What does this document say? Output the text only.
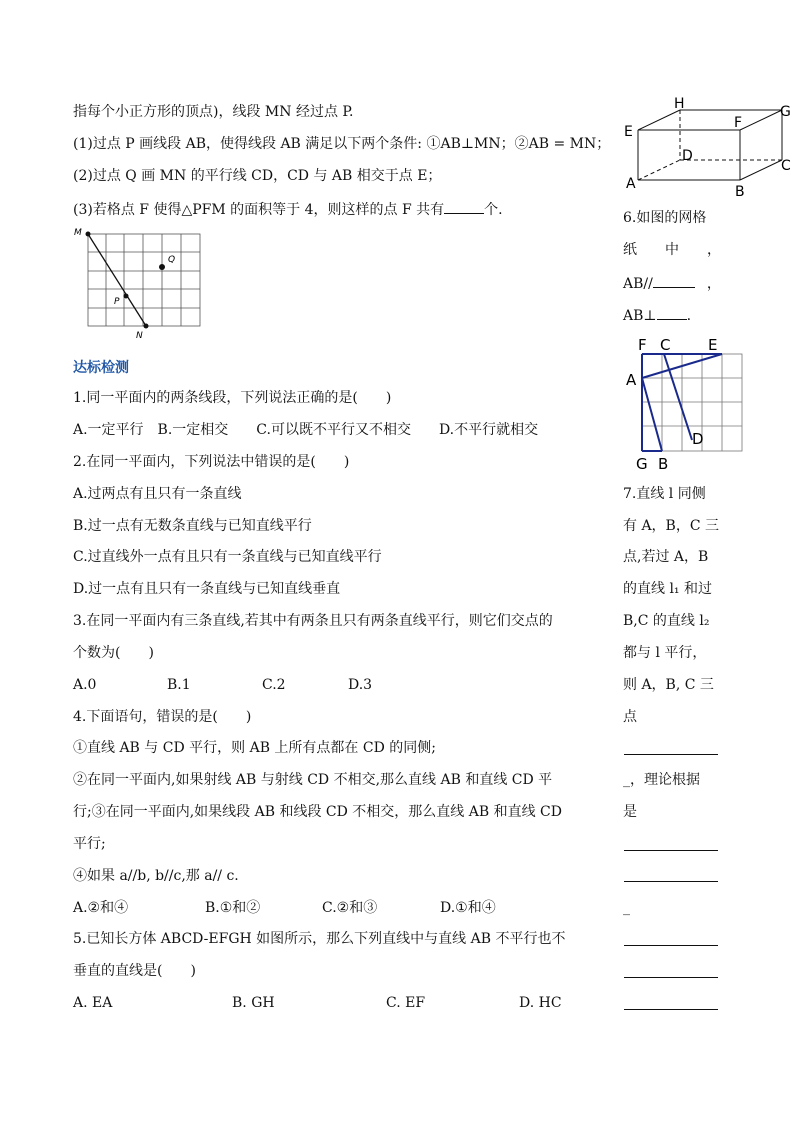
指每个小正方形的顶点)，线段 MN 经过点 P.
(1)过点 P 画线段 AB，使得线段 AB 满足以下两个条件: ①AB⊥MN；②AB = MN；
(2)过点 Q 画 MN 的平行线 CD，CD 与 AB 相交于点 E；
(3)若格点 F 使得△PFM 的面积等于 4，则这样的点 F 共有	个.
M
Q
P
N
达标检测
1.同一平面内的两条线段，下列说法正确的是(　　)
A.一定平行　B.一定相交　　C.可以既不平行又不相交　　D.不平行就相交
2.在同一平面内，下列说法中错误的是(　　)
A.过两点有且只有一条直线
B.过一点有无数条直线与已知直线平行
C.过直线外一点有且只有一条直线与已知直线平行
D.过一点有且只有一条直线与已知直线垂直
3.在同一平面内有三条直线,若其中有两条且只有两条直线平行，则它们交点的
个数为(　　)
A.0	B.1	C.2	D.3
4.下面语句，错误的是(　　)
①直线 AB 与 CD 平行，则 AB 上所有点都在 CD 的同侧;
②在同一平面内,如果射线 AB 与射线 CD 不相交,那么直线 AB 和直线 CD 平
行;③在同一平面内,如果线段 AB 和线段 CD 不相交，那么直线 AB 和直线 CD
平行;
④如果 a//b, b//c,那 a// c.
A.②和④	B.①和②	C.②和③	D.①和④
5.已知长方体 ABCD-EFGH 如图所示，那么下列直线中与直线 AB 不平行也不
垂直的直线是(　　)
A. EA	B. GH	C. EF	D. HC
H	G
E
F
D
C
A	B
6.如图的网格
纸　　中　　，
AB//	，
AB⊥ .
F C	E
A
D
G B
7.直线 l 同侧
有 A，B，C 三
点,若过 A，B
的直线 l₁ 和过
B,C 的直线 l₂
都与 l 平行，
则 A，B, C 三
点
_，理论根据
是
_
